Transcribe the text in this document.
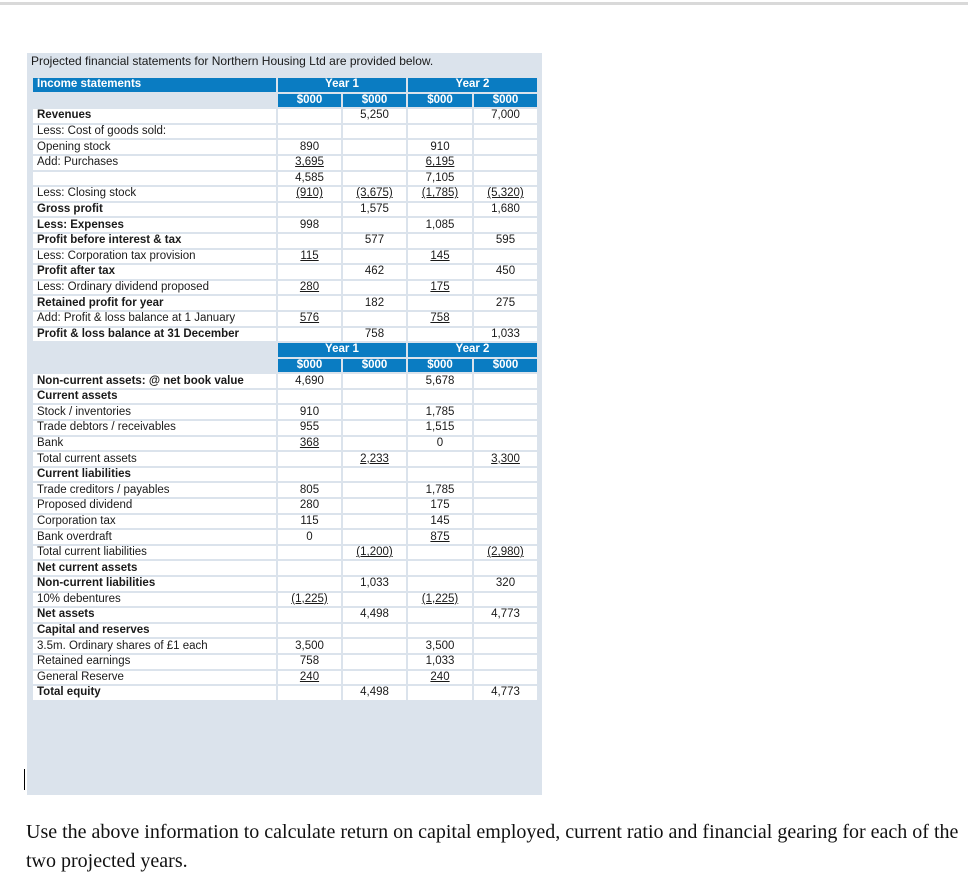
Projected financial statements for Northern Housing Ltd are provided below.
Income statements	Year 1		Year 2	
	$000	$000	$000	$000
Revenues		5,250		7,000
Less: Cost of goods sold:				
Opening stock	890		910	
Add: Purchases	3,695		6,195	
	4,585		7,105	
Less: Closing stock	(910)	(3,675)	(1,785)	(5,320)
Gross profit		1,575		1,680
Less: Expenses	998		1,085	
Profit before interest & tax		577		595
Less: Corporation tax provision	115		145	
Profit after tax		462		450
Less: Ordinary dividend proposed	280		175	
Retained profit for year		182		275
Add: Profit & loss balance at 1 January	576		758	
Profit & loss balance at 31 December		758		1,033
	Year 1		Year 2	
	$000	$000	$000	$000
Non-current assets: @ net book value	4,690		5,678	
Current assets				
Stock / inventories	910		1,785	
Trade debtors / receivables	955		1,515	
Bank	368		0	
Total current assets		2,233		3,300
Current liabilities				
Trade creditors / payables	805		1,785	
Proposed dividend	280		175	
Corporation tax	115		145	
Bank overdraft	0		875	
Total current liabilities		(1,200)		(2,980)
Net current assets				
Non-current liabilities		1,033		320
10% debentures	(1,225)		(1,225)	
Net assets		4,498		4,773
Capital and reserves				
3.5m. Ordinary shares of £1 each	3,500		3,500	
Retained earnings	758		1,033	
General Reserve	240		240	
Total equity		4,498		4,773
Use the above information to calculate return on capital employed, current ratio and financial gearing for each of the two projected years.
